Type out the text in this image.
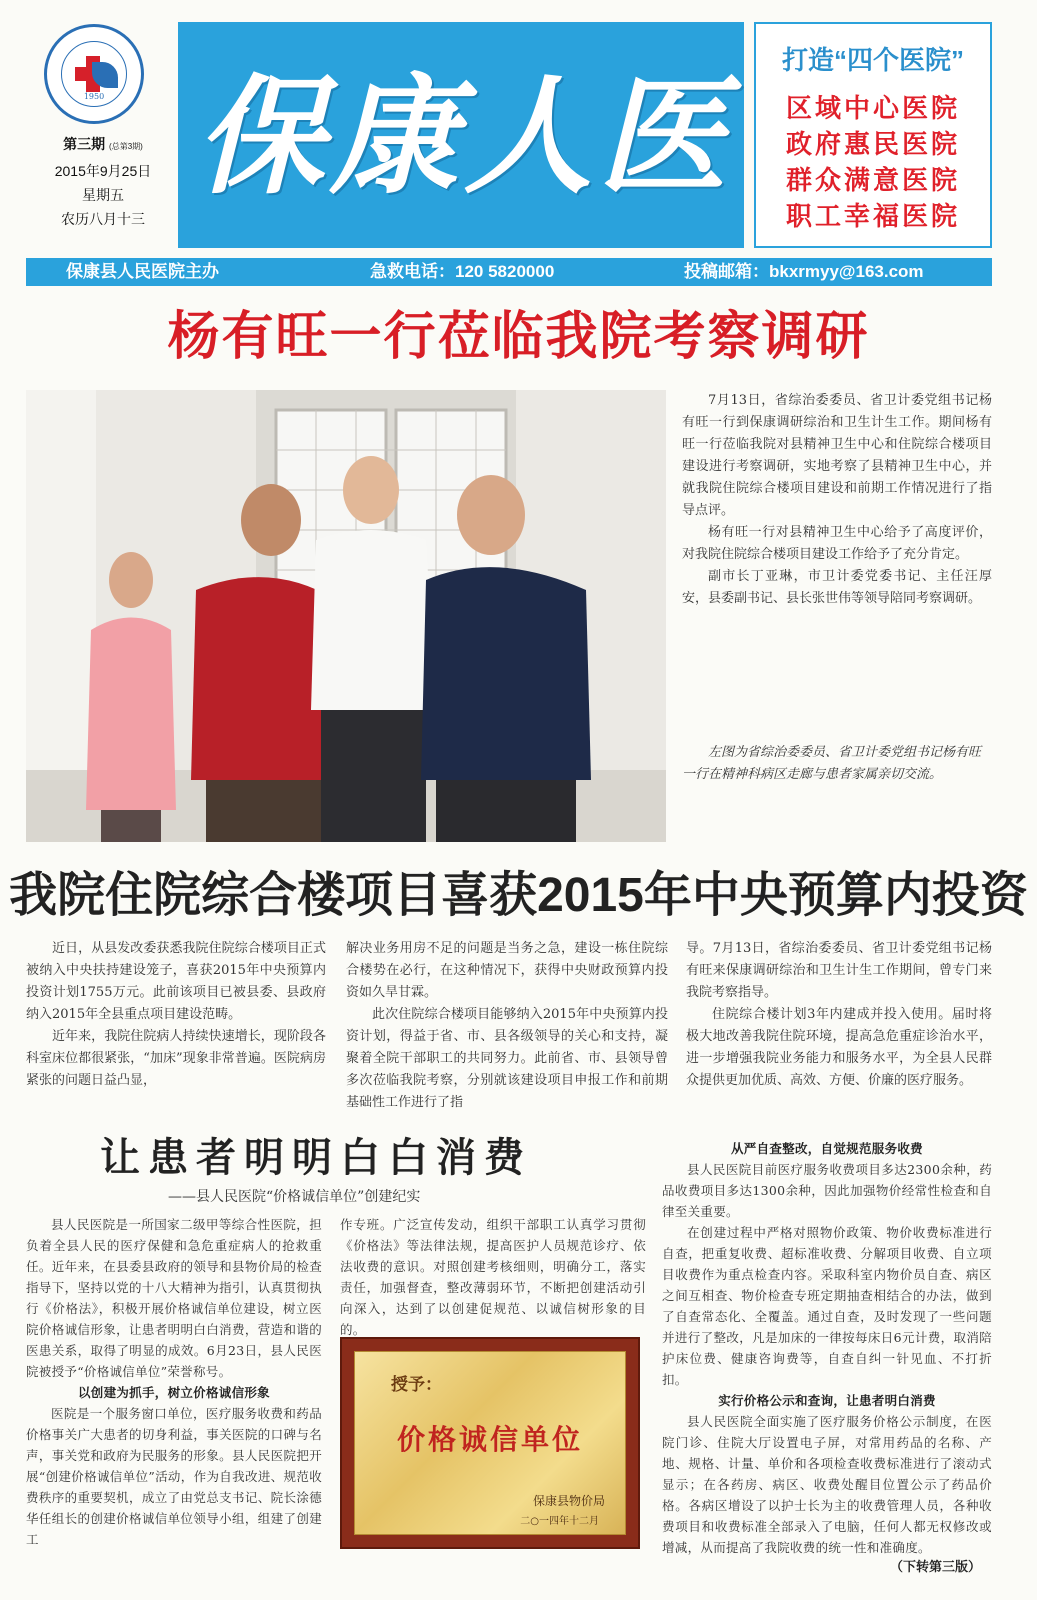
1950
第三期 (总第3期)
2015年9月25日
星期五
农历八月十三
保康人医
打造“四个医院”
区域中心医院
政府惠民医院
群众满意医院
职工幸福医院
保康县人民医院主办	急救电话：120 5820000	投稿邮箱：bkxrmyy@163.com
杨有旺一行莅临我院考察调研

7月13日，省综治委委员、省卫计委党组书记杨有旺一行到保康调研综治和卫生计生工作。期间杨有旺一行莅临我院对县精神卫生中心和住院综合楼项目建设进行考察调研，实地考察了县精神卫生中心，并就我院住院综合楼项目建设和前期工作情况进行了指导点评。

杨有旺一行对县精神卫生中心给予了高度评价，对我院住院综合楼项目建设工作给予了充分肯定。

副市长丁亚琳，市卫计委党委书记、主任汪厚安，县委副书记、县长张世伟等领导陪同考察调研。

左图为省综治委委员、省卫计委党组书记杨有旺一行在精神科病区走廊与患者家属亲切交流。
我院住院综合楼项目喜获2015年中央预算内投资

近日，从县发改委获悉我院住院综合楼项目正式被纳入中央扶持建设笼子，喜获2015年中央预算内投资计划1755万元。此前该项目已被县委、县政府纳入2015年全县重点项目建设范畴。

近年来，我院住院病人持续快速增长，现阶段各科室床位都很紧张，“加床”现象非常普遍。医院病房紧张的问题日益凸显，

解决业务用房不足的问题是当务之急，建设一栋住院综合楼势在必行，在这种情况下，获得中央财政预算内投资如久旱甘霖。

此次住院综合楼项目能够纳入2015年中央预算内投资计划，得益于省、市、县各级领导的关心和支持，凝聚着全院干部职工的共同努力。此前省、市、县领导曾多次莅临我院考察，分别就该建设项目申报工作和前期基础性工作进行了指

导。7月13日，省综治委委员、省卫计委党组书记杨有旺来保康调研综治和卫生计生工作期间，曾专门来我院考察指导。

住院综合楼计划3年内建成并投入使用。届时将极大地改善我院住院环境，提高急危重症诊治水平，进一步增强我院业务能力和服务水平，为全县人民群众提供更加优质、高效、方便、价廉的医疗服务。

让患者明明白白消费
——县人民医院“价格诚信单位”创建纪实

县人民医院是一所国家二级甲等综合性医院，担负着全县人民的医疗保健和急危重症病人的抢救重任。近年来，在县委县政府的领导和县物价局的检查指导下，坚持以党的十八大精神为指引，认真贯彻执行《价格法》，积极开展价格诚信单位建设，树立医院价格诚信形象，让患者明明白白消费，营造和谐的医患关系，取得了明显的成效。6月23日，县人民医院被授予“价格诚信单位”荣誉称号。

以创建为抓手，树立价格诚信形象

医院是一个服务窗口单位，医疗服务收费和药品价格事关广大患者的切身利益，事关医院的口碑与名声，事关党和政府为民服务的形象。县人民医院把开展“创建价格诚信单位”活动，作为自我改进、规范收费秩序的重要契机，成立了由党总支书记、院长涂德华任组长的创建价格诚信单位领导小组，组建了创建工

作专班。广泛宣传发动，组织干部职工认真学习贯彻《价格法》等法律法规，提高医护人员规范诊疗、依法收费的意识。对照创建考核细则，明确分工，落实责任，加强督查，整改薄弱环节，不断把创建活动引向深入，达到了以创建促规范、以诚信树形象的目的。

授予：
价格诚信单位
保康县物价局
二○一四年十二月

从严自查整改，自觉规范服务收费

县人民医院目前医疗服务收费项目多达2300余种，药品收费项目多达1300余种，因此加强物价经常性检查和自律至关重要。

在创建过程中严格对照物价政策、物价收费标准进行自查，把重复收费、超标准收费、分解项目收费、自立项目收费作为重点检查内容。采取科室内物价员自查、病区之间互相查、物价检查专班定期抽查相结合的办法，做到了自查常态化、全覆盖。通过自查，及时发现了一些问题并进行了整改，凡是加床的一律按每床日6元计费，取消陪护床位费、健康咨询费等，自查自纠一针见血、不打折扣。

实行价格公示和查询，让患者明白消费

县人民医院全面实施了医疗服务价格公示制度，在医院门诊、住院大厅设置电子屏，对常用药品的名称、产地、规格、计量、单价和各项检查收费标准进行了滚动式显示；在各药房、病区、收费处醒目位置公示了药品价格。各病区增设了以护士长为主的收费管理人员，各种收费项目和收费标准全部录入了电脑，任何人都无权修改或增减，从而提高了我院收费的统一性和准确度。

（下转第三版）
